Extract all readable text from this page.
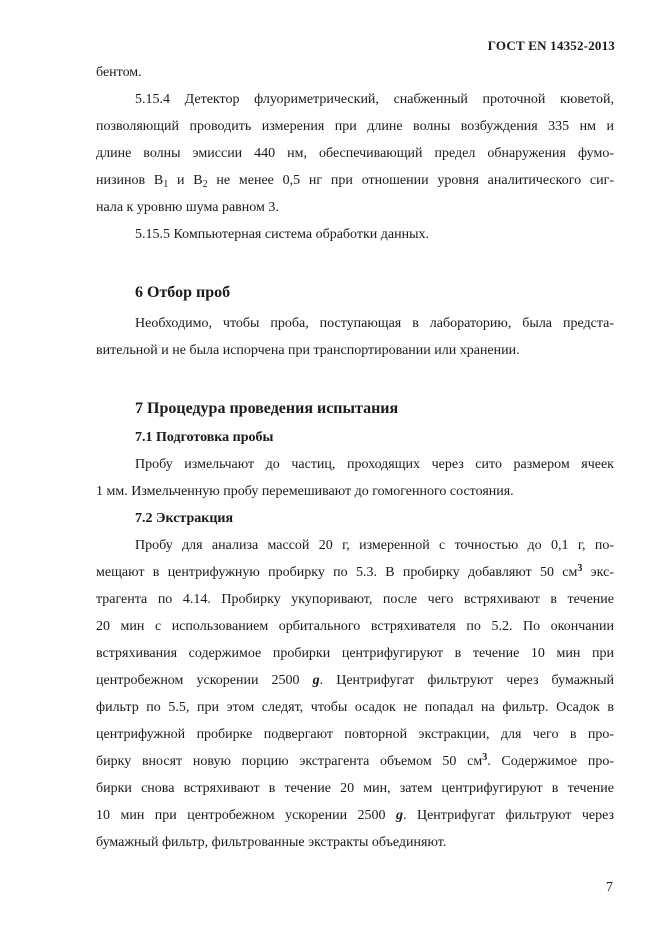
ГОСТ EN 14352-2013
бентом.
5.15.4 Детектор флуориметрический, снабженный проточной кюветой,
позволяющий проводить измерения при длине волны возбуждения 335 нм и
длине волны эмиссии 440 нм, обеспечивающий предел обнаружения фумо-
низинов $B_1$ и $B_2$ не менее 0,5 нг при отношении уровня аналитического сиг-
нала к уровню шума равном 3.
5.15.5 Компьютерная система обработки данных.
6 Отбор проб
Необходимо, чтобы проба, поступающая в лабораторию, была предста-
вительной и не была испорчена при транспортировании или хранении.
7 Процедура проведения испытания
7.1 Подготовка пробы
Пробу измельчают до частиц, проходящих через сито размером ячеек
1 мм. Измельченную пробу перемешивают до гомогенного состояния.
7.2 Экстракция
Пробу для анализа массой 20 г, измеренной с точностью до 0,1 г, по-
мещают в центрифужную пробирку по 5.3. В пробирку добавляют 50 $см^3$ экс-
трагента по 4.14. Пробирку укупоривают, после чего встряхивают в течение
20 мин с использованием орбитального встряхивателя по 5.2. По окончании
встряхивания содержимое пробирки центрифугируют в течение 10 мин при
центробежном ускорении 2500 g. Центрифугат фильтруют через бумажный
фильтр по 5.5, при этом следят, чтобы осадок не попадал на фильтр. Осадок в
центрифужной пробирке подвергают повторной экстракции, для чего в про-
бирку вносят новую порцию экстрагента объемом 50 $см^3$. Содержимое про-
бирки снова встряхивают в течение 20 мин, затем центрифугируют в течение
10 мин при центробежном ускорении 2500 g. Центрифугат фильтруют через
бумажный фильтр, фильтрованные экстракты объединяют.
7
